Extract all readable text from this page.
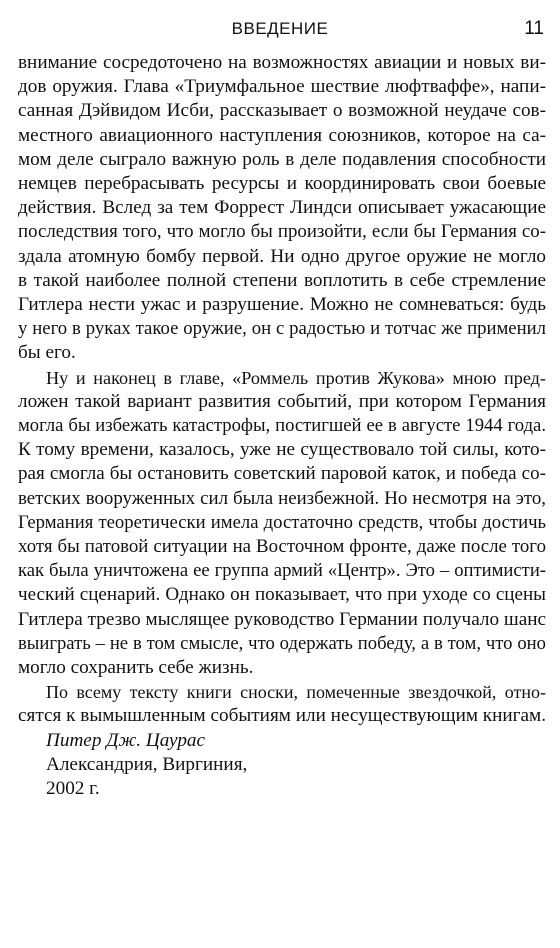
ВВЕДЕНИЕ	11
внимание сосредоточено на возможностях авиации и новых ви-
дов оружия. Глава «Триумфальное шествие люфтваффе», напи-
санная Дэйвидом Исби, рассказывает о возможной неудаче сов-
местного авиационного наступления союзников, которое на са-
мом деле сыграло важную роль в деле подавления способности
немцев перебрасывать ресурсы и координировать свои боевые
действия. Вслед за тем Форрест Линдси описывает ужасающие
последствия того, что могло бы произойти, если бы Германия со-
здала атомную бомбу первой. Ни одно другое оружие не могло
в такой наиболее полной степени воплотить в себе стремление
Гитлера нести ужас и разрушение. Можно не сомневаться: будь
у него в руках такое оружие, он с радостью и тотчас же применил
бы его.
Ну и наконец в главе, «Роммель против Жукова» мною пред-
ложен такой вариант развития событий, при котором Германия
могла бы избежать катастрофы, постигшей ее в августе 1944 года.
К тому времени, казалось, уже не существовало той силы, кото-
рая смогла бы остановить советский паровой каток, и победа со-
ветских вооруженных сил была неизбежной. Но несмотря на это,
Германия теоретически имела достаточно средств, чтобы достичь
хотя бы патовой ситуации на Восточном фронте, даже после того
как была уничтожена ее группа армий «Центр». Это – оптимисти-
ческий сценарий. Однако он показывает, что при уходе со сцены
Гитлера трезво мыслящее руководство Германии получало шанс
выиграть – не в том смысле, что одержать победу, а в том, что оно
могло сохранить себе жизнь.
По всему тексту книги сноски, помеченные звездочкой, отно-
сятся к вымышленным событиям или несуществующим книгам.
Питер Дж. Цаурас
Александрия, Виргиния,
2002 г.
